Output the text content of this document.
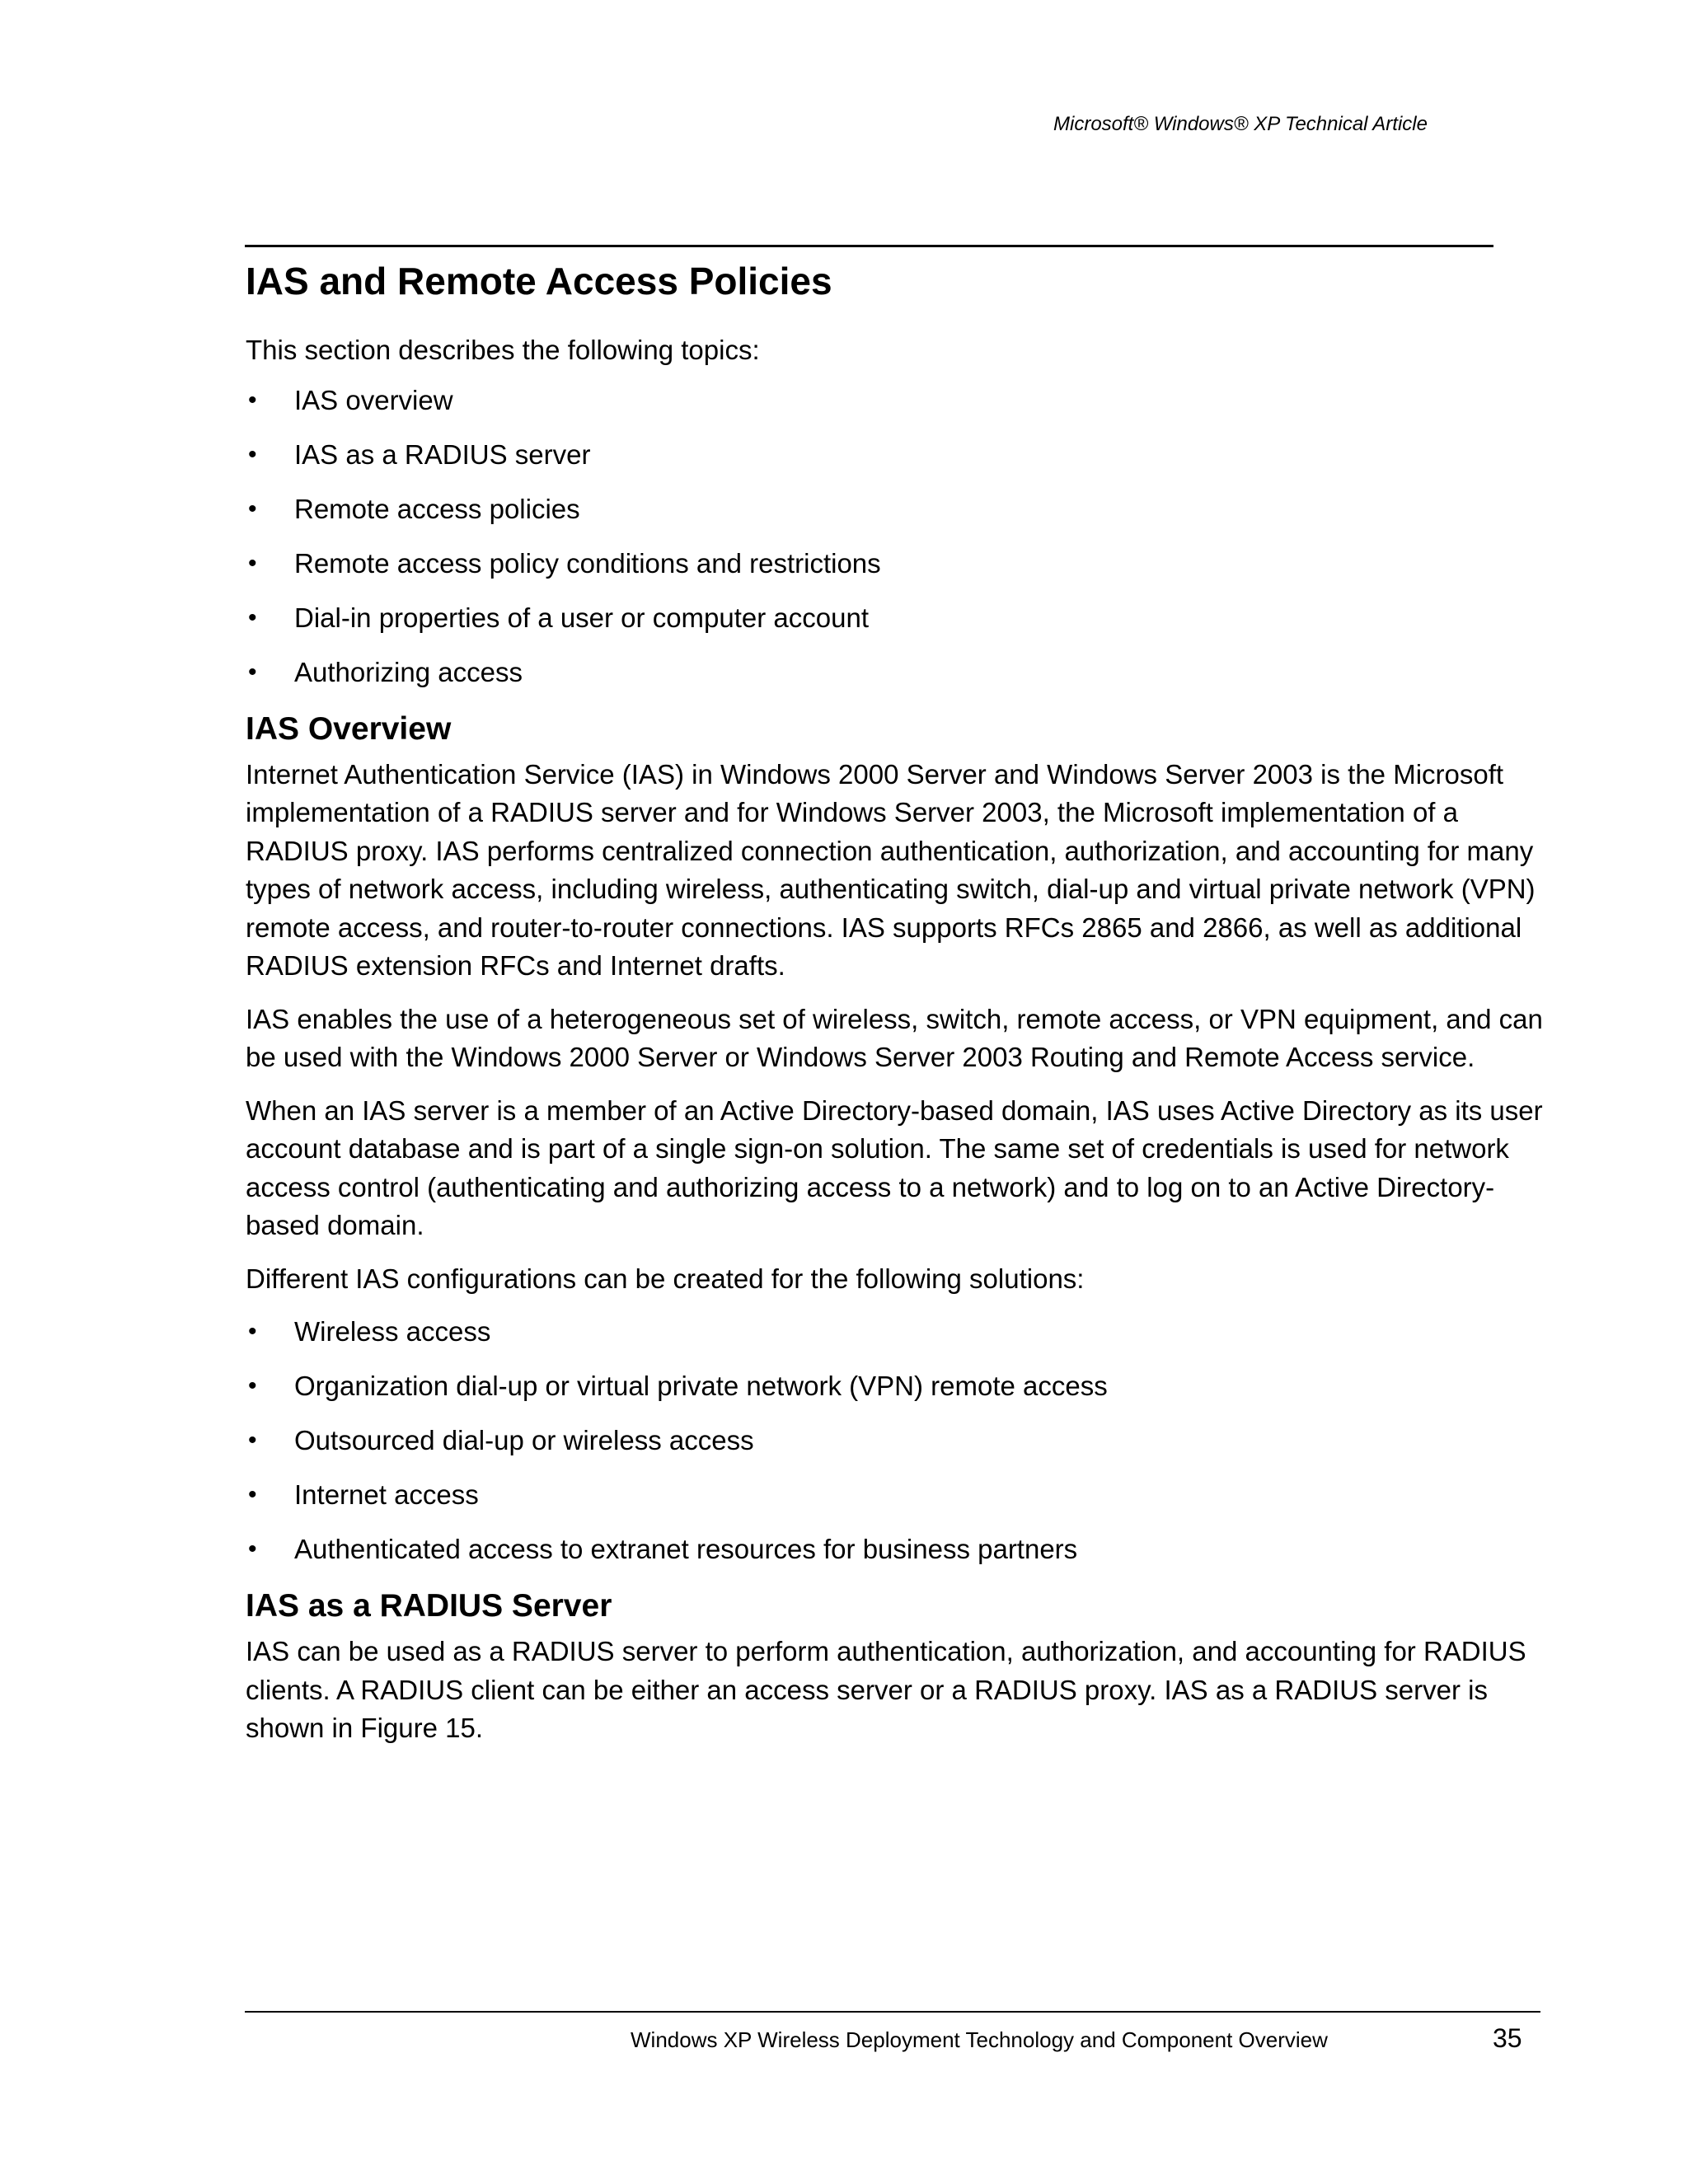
Microsoft® Windows® XP Technical Article
IAS and Remote Access Policies

This section describes the following topics:

• IAS overview
• IAS as a RADIUS server
• Remote access policies
• Remote access policy conditions and restrictions
• Dial-in properties of a user or computer account
• Authorizing access
IAS Overview

Internet Authentication Service (IAS) in Windows 2000 Server and Windows Server 2003 is the Microsoft implementation of a RADIUS server and for Windows Server 2003, the Microsoft implementation of a RADIUS proxy. IAS performs centralized connection authentication, authorization, and accounting for many types of network access, including wireless, authenticating switch, dial-up and virtual private network (VPN) remote access, and router-to-router connections. IAS supports RFCs 2865 and 2866, as well as additional RADIUS extension RFCs and Internet drafts.

IAS enables the use of a heterogeneous set of wireless, switch, remote access, or VPN equipment, and can be used with the Windows 2000 Server or Windows Server 2003 Routing and Remote Access service.

When an IAS server is a member of an Active Directory-based domain, IAS uses Active Directory as its user account database and is part of a single sign-on solution. The same set of credentials is used for network access control (authenticating and authorizing access to a network) and to log on to an Active Directory-based domain.

Different IAS configurations can be created for the following solutions:

• Wireless access
• Organization dial-up or virtual private network (VPN) remote access
• Outsourced dial-up or wireless access
• Internet access
• Authenticated access to extranet resources for business partners
IAS as a RADIUS Server

IAS can be used as a RADIUS server to perform authentication, authorization, and accounting for RADIUS clients. A RADIUS client can be either an access server or a RADIUS proxy. IAS as a RADIUS server is shown in Figure 15.

Windows XP Wireless Deployment Technology and Component Overview	35
